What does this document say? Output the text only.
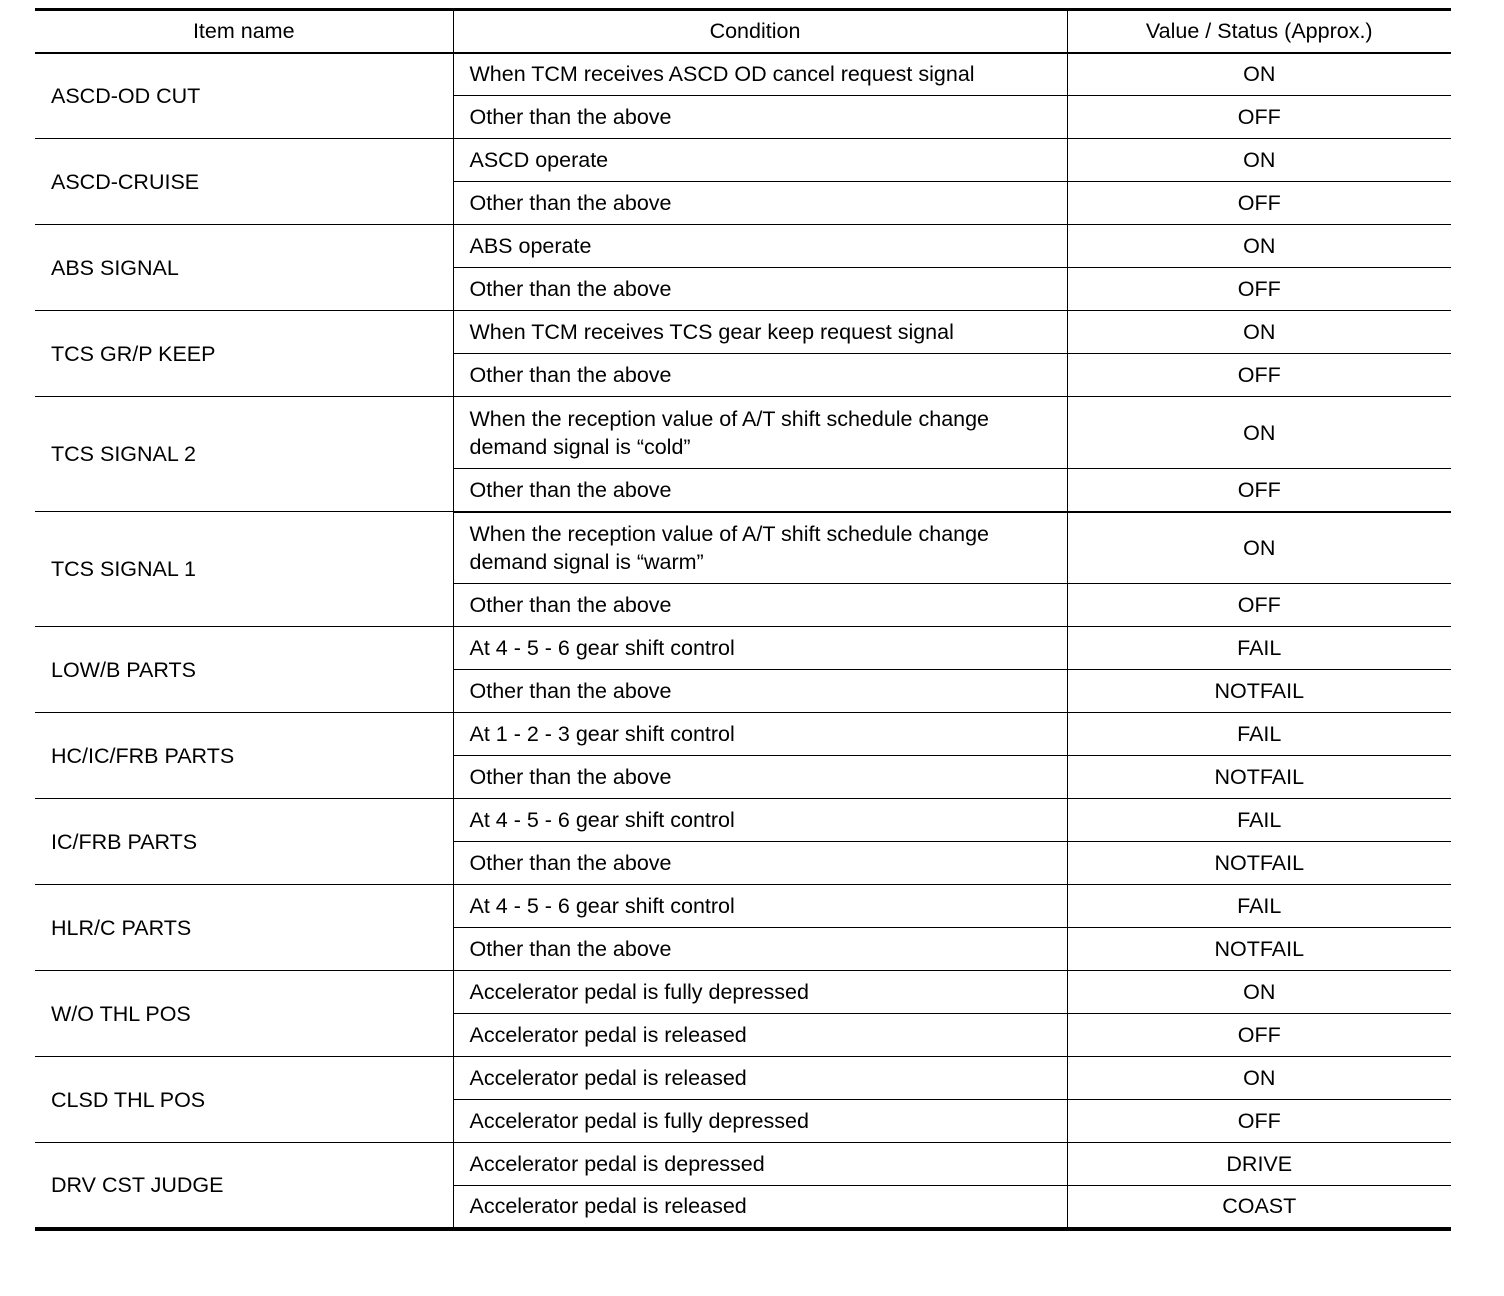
Item name	Condition	Value / Status (Approx.)
ASCD-OD CUT	When TCM receives ASCD OD cancel request signal	ON
	Other than the above	OFF
ASCD-CRUISE	ASCD operate	ON
	Other than the above	OFF
ABS SIGNAL	ABS operate	ON
	Other than the above	OFF
TCS GR/P KEEP	When TCM receives TCS gear keep request signal	ON
	Other than the above	OFF
TCS SIGNAL 2	When the reception value of A/T shift schedule change demand signal is “cold”	ON
	Other than the above	OFF
TCS SIGNAL 1	When the reception value of A/T shift schedule change demand signal is “warm”	ON
	Other than the above	OFF
LOW/B PARTS	At 4 - 5 - 6 gear shift control	FAIL
	Other than the above	NOTFAIL
HC/IC/FRB PARTS	At 1 - 2 - 3 gear shift control	FAIL
	Other than the above	NOTFAIL
IC/FRB PARTS	At 4 - 5 - 6 gear shift control	FAIL
	Other than the above	NOTFAIL
HLR/C PARTS	At 4 - 5 - 6 gear shift control	FAIL
	Other than the above	NOTFAIL
W/O THL POS	Accelerator pedal is fully depressed	ON
	Accelerator pedal is released	OFF
CLSD THL POS	Accelerator pedal is released	ON
	Accelerator pedal is fully depressed	OFF
DRV CST JUDGE	Accelerator pedal is depressed	DRIVE
	Accelerator pedal is released	COAST
